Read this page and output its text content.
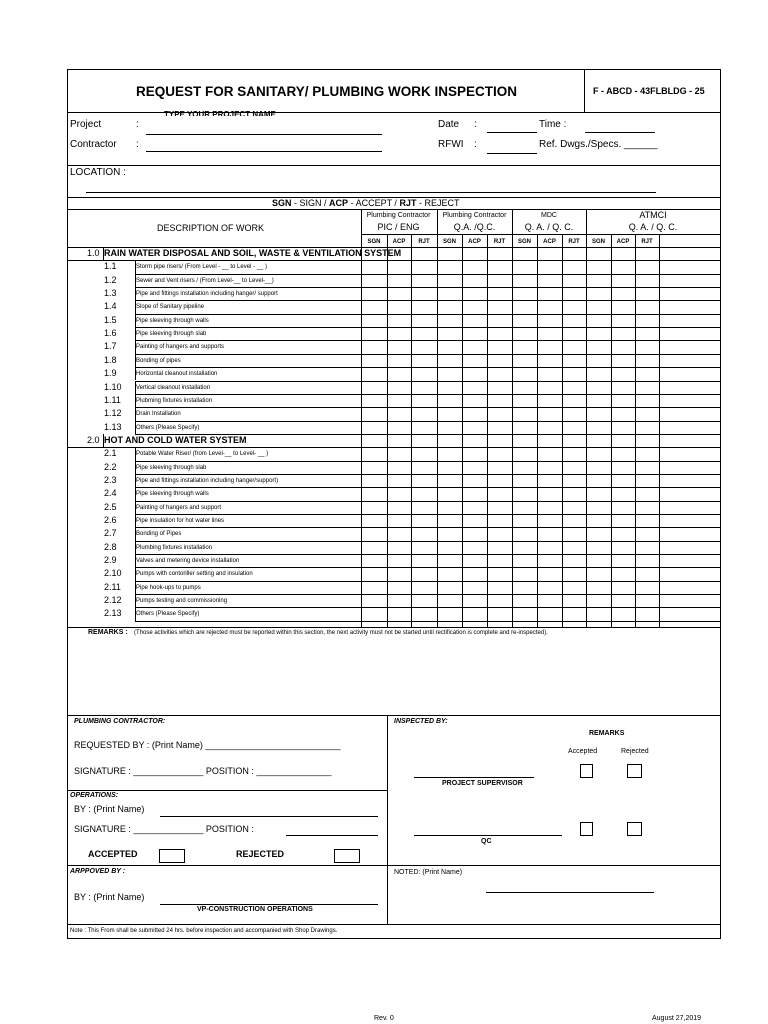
REQUEST FOR SANITARY/ PLUMBING WORK INSPECTION	F - ABCD - 43FLBLDG - 25
TYPE YOUR PROJECT NAME
Project	:	Date :	Time :
Contractor :	RFWI :	Ref. Dwgs./Specs. ______
LOCATION :
SGN - SIGN / ACP - ACCEPT / RJT - REJECT
DESCRIPTION OF WORK
Plumbing Contractor
PIC / ENG
Plumbing Contractor
Q.A. /Q.C.
MDC
Q. A. / Q. C.
ATMCI
Q. A. / Q. C.
SGN	ACP	RJT	SGN	ACP	RJT	SGN	ACP	RJT	SGN	ACP	RJT
1.0 RAIN WATER DISPOSAL AND SOIL, WASTE & VENTILATION SYSTEM
1.1	Storm pipe risers/ (From Level - __ to Level - __ )
1.2	Sewer and Vent risers / (From Level-__ to Level-__)
1.3	Pipe and fittings installation including hanger/ support
1.4	Slope of Sanitary pipeline
1.5	Pipe sleeving through walls
1.6	Pipe sleeving through slab
1.7	Painting of hangers and supports
1.8	Bonding of pipes
1.9	Horizontal cleanout installation
1.10 Vertical cleanout installation
1.11	Plubming fixtures installation
1.12 Drain Installation
1.13 Others (Please Specify)
2.0 HOT AND COLD WATER SYSTEM
2.1	Potable Water Riser/ (from Level-__ to Level- __ )
2.2	Pipe sleeving through slab
2.3	Pipe and fittings installation including hanger/support)
2.4	Pipe sleeving through walls
2.5	Painting of hangers and support
2.6	Pipe insulation for hot water lines
2.7	Bonding of Pipes
2.8	Plumbing fixtures installation
2.9	Valves and metering device installation
2.10 Pumps with contoriller setting and insulation
2.11	Pipe hook-ups to pumps
2.12 Pumps testing and commissioning
2.13 Others (Please Specify)
REMARKS : (Those activities which are rejected must be reported within this section, the next activity must not be started until rectification is complete and re-inspected).
PLUMBING CONTRACTOR:
REQUESTED BY : (Print Name) ___________________________
SIGNATURE : ______________ POSITION : _______________
OPERATIONS:
BY : (Print Name)
SIGNATURE : ______________ POSITION :
ACCEPTED	REJECTED
INSPECTED BY:
REMARKS
Accepted	Rejected
PROJECT SUPERVISOR
QC
ARPPOVED BY :
BY : (Print Name)
VP-CONSTRUCTION OPERATIONS
NOTED: (Print Name)
Note : This From shall be submitted 24 hrs. before inspection and accompanied with Shop Drawings.
Rev. 0	August 27,2019
